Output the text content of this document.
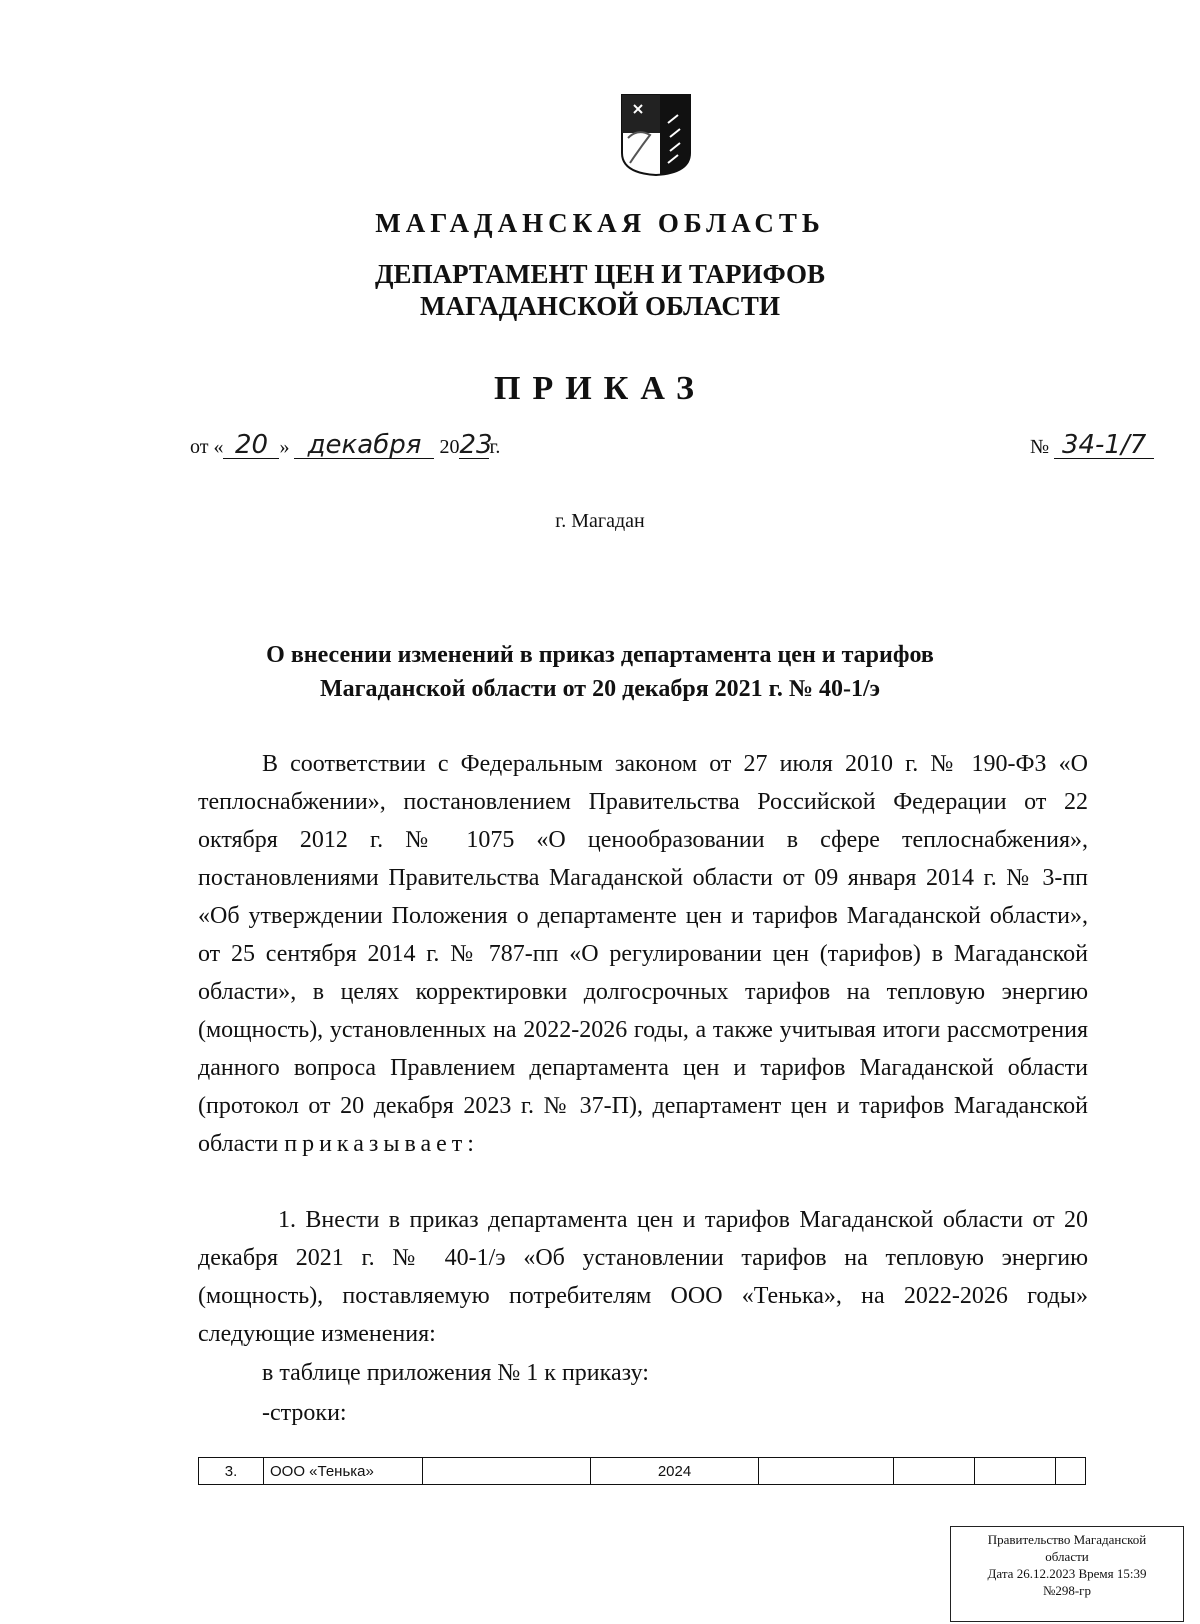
МАГАДАНСКАЯ ОБЛАСТЬ
ДЕПАРТАМЕНТ ЦЕН И ТАРИФОВ
МАГАДАНСКОЙ ОБЛАСТИ
ПРИКАЗ
от « 20 » декабря 2023г.	№ 34-1/7
г. Магадан
О внесении изменений в приказ департамента цен и тарифов
Магаданской области от 20 декабря 2021 г. № 40-1/э
В соответствии с Федеральным законом от 27 июля 2010 г. № 190-ФЗ «О теплоснабжении», постановлением Правительства Российской Федерации от 22 октября 2012 г. № 1075 «О ценообразовании в сфере теплоснабжения», постановлениями Правительства Магаданской области от 09 января 2014 г. № 3-пп «Об утверждении Положения о департаменте цен и тарифов Магаданской области», от 25 сентября 2014 г. № 787-пп «О регулировании цен (тарифов) в Магаданской области», в целях корректировки долгосрочных тарифов на тепловую энергию (мощность), установленных на 2022-2026 годы, а также учитывая итоги рассмотрения данного вопроса Правлением департамента цен и тарифов Магаданской области (протокол от 20 декабря 2023 г. № 37-П), департамент цен и тарифов Магаданской области приказывает:
1. Внести в приказ департамента цен и тарифов Магаданской области от 20 декабря 2021 г. № 40-1/э «Об установлении тарифов на тепловую энергию (мощность), поставляемую потребителям ООО «Тенька», на 2022-2026 годы» следующие изменения:
в таблице приложения № 1 к приказу:
-строки:
3.	ООО «Тенька»		2024				
Правительство Магаданской
области
Дата 26.12.2023 Время 15:39
№298-гр
